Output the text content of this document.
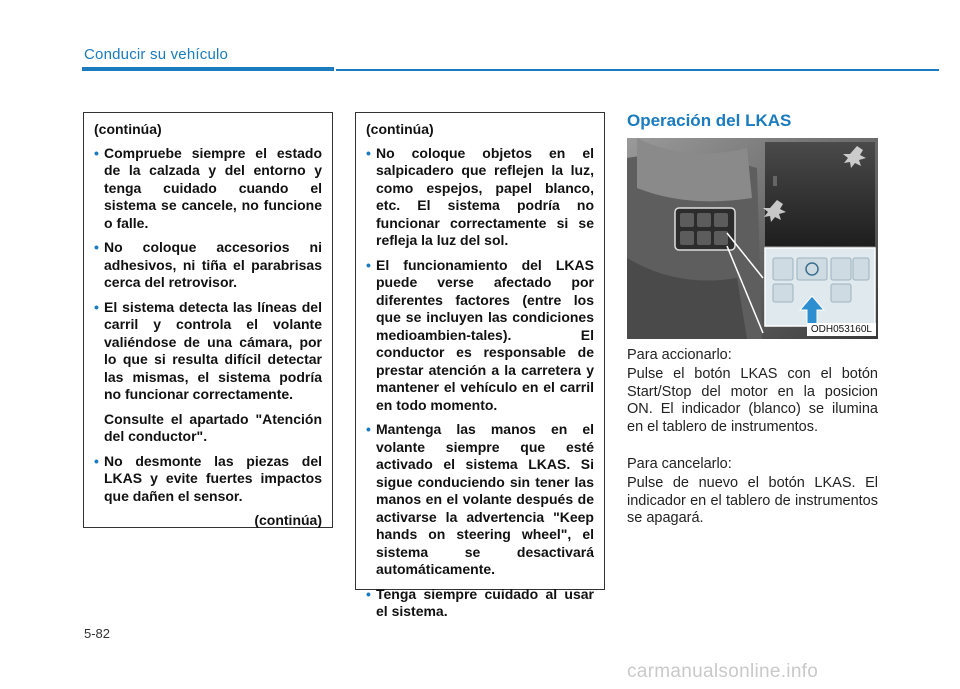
Conducir su vehículo
(continúa)
• Compruebe siempre el estado de la calzada y del entorno y tenga cuidado cuando el sistema se cancele, no funcione o falle.
• No coloque accesorios ni adhesivos, ni tiña el parabrisas cerca del retrovisor.
• El sistema detecta las líneas del carril y controla el volante valiéndose de una cámara, por lo que si resulta difícil detectar las mismas, el sistema podría no funcionar correctamente.
Consulte el apartado "Atención del conductor".
• No desmonte las piezas del LKAS y evite fuertes impactos que dañen el sensor.
(continúa)
(continúa)
• No coloque objetos en el salpicadero que reflejen la luz, como espejos, papel blanco, etc. El sistema podría no funcionar correctamente si se refleja la luz del sol.
• El funcionamiento del LKAS puede verse afectado por diferentes factores (entre los que se incluyen las condiciones medioambien-tales). El conductor es responsable de prestar atención a la carretera y mantener el vehículo en el carril en todo momento.
• Mantenga las manos en el volante siempre que esté activado el sistema LKAS. Si sigue conduciendo sin tener las manos en el volante después de activarse la advertencia "Keep hands on steering wheel", el sistema se desactivará automáticamente.
• Tenga siempre cuidado al usar el sistema.
Operación del LKAS
ODH053160L
Para accionarlo:
Pulse el botón LKAS con el botón Start/Stop del motor en la posicion ON. El indicador (blanco) se ilumina en el tablero de instrumentos.
Para cancelarlo:
Pulse de nuevo el botón LKAS. El indicador en el tablero de instrumentos se apagará.
5-82
carmanualsonline.info
